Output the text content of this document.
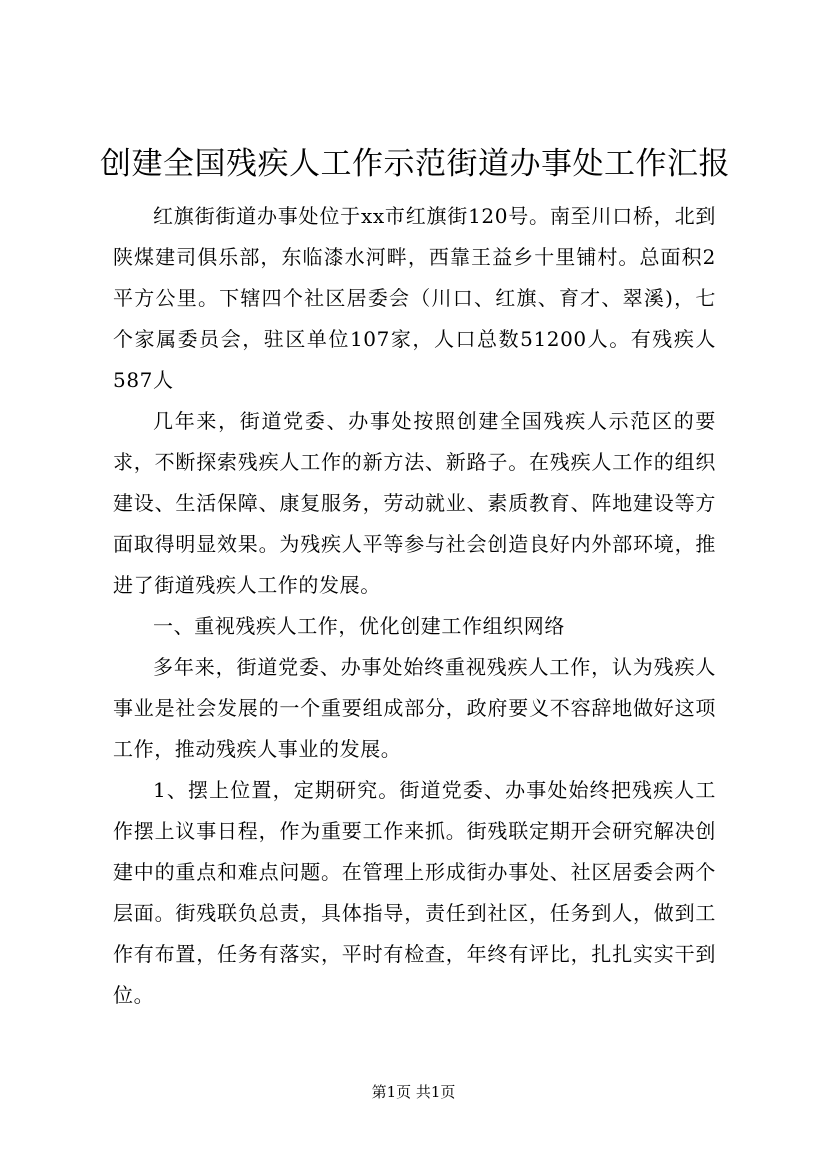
创建全国残疾人工作示范街道办事处工作汇报

红旗街街道办事处位于xx市红旗街120号。南至川口桥，北到陕煤建司俱乐部，东临漆水河畔，西靠王益乡十里铺村。总面积2平方公里。下辖四个社区居委会（川口、红旗、育才、翠溪)，七个家属委员会，驻区单位107家，人口总数51200人。有残疾人587人

几年来，街道党委、办事处按照创建全国残疾人示范区的要求，不断探索残疾人工作的新方法、新路子。在残疾人工作的组织建设、生活保障、康复服务，劳动就业、素质教育、阵地建设等方面取得明显效果。为残疾人平等参与社会创造良好内外部环境，推进了街道残疾人工作的发展。

一、重视残疾人工作，优化创建工作组织网络

多年来，街道党委、办事处始终重视残疾人工作，认为残疾人事业是社会发展的一个重要组成部分，政府要义不容辞地做好这项工作，推动残疾人事业的发展。

1、摆上位置，定期研究。街道党委、办事处始终把残疾人工作摆上议事日程，作为重要工作来抓。街残联定期开会研究解决创建中的重点和难点问题。在管理上形成街办事处、社区居委会两个层面。街残联负总责，具体指导，责任到社区，任务到人，做到工作有布置，任务有落实，平时有检查，年终有评比，扎扎实实干到位。

第1页 共1页
